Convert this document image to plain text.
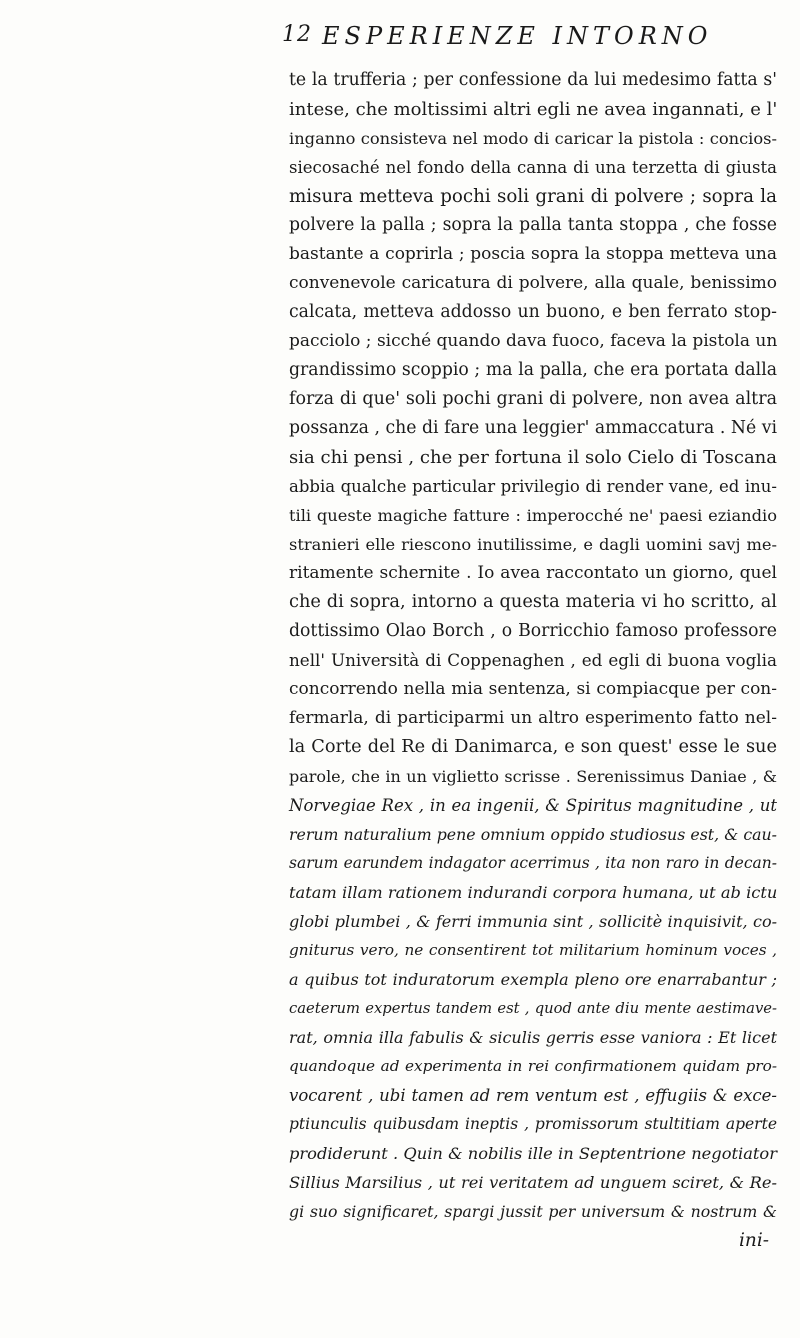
12 ESPERIENZE INTORNO
te la trufferia ; per confessione da lui medesimo fatta s'
intese, che moltissimi altri egli ne avea ingannati, e l'
inganno consisteva nel modo di caricar la pistola : concios-
siecosaché nel fondo della canna di una terzetta di giusta
misura metteva pochi soli grani di polvere ; sopra la
polvere la palla ; sopra la palla tanta stoppa , che fosse
bastante a coprirla ; poscia sopra la stoppa metteva una
convenevole caricatura di polvere, alla quale, benissimo
calcata, metteva addosso un buono, e ben ferrato stop-
pacciolo ; sicché quando dava fuoco, faceva la pistola un
grandissimo scoppio ; ma la palla, che era portata dalla
forza di que' soli pochi grani di polvere, non avea altra
possanza , che di fare una leggier' ammaccatura . Né vi
sia chi pensi , che per fortuna il solo Cielo di Toscana
abbia qualche particular privilegio di render vane, ed inu-
tili queste magiche fatture : imperocché ne' paesi eziandio
stranieri elle riescono inutilissime, e dagli uomini savj me-
ritamente schernite . Io avea raccontato un giorno, quel
che di sopra, intorno a questa materia vi ho scritto, al
dottissimo Olao Borch , o Borricchio famoso professore
nell' Università di Coppenaghen , ed egli di buona voglia
concorrendo nella mia sentenza, si compiacque per con-
fermarla, di participarmi un altro esperimento fatto nel-
la Corte del Re di Danimarca, e son quest' esse le sue
parole, che in un viglietto scrisse . Serenissimus Daniae , &
Norvegiae Rex , in ea ingenii, & Spiritus magnitudine , ut
rerum naturalium pene omnium oppido studiosus est, & cau-
sarum earundem indagator acerrimus , ita non raro in decan-
tatam illam rationem indurandi corpora humana, ut ab ictu
globi plumbei , & ferri immunia sint , sollicitè inquisivit, co-
gniturus vero, ne consentirent tot militarium hominum voces ,
a quibus tot induratorum exempla pleno ore enarrabantur ;
caeterum expertus tandem est , quod ante diu mente aestimave-
rat, omnia illa fabulis & siculis gerris esse vaniora : Et licet
quandoque ad experimenta in rei confirmationem quidam pro-
vocarent , ubi tamen ad rem ventum est , effugiis & exce-
ptiunculis quibusdam ineptis , promissorum stultitiam aperte
prodiderunt . Quin & nobilis ille in Septentrione negotiator
Sillius Marsilius , ut rei veritatem ad unguem sciret, & Re-
gi suo significaret, spargi jussit per universum & nostrum &
ini-
